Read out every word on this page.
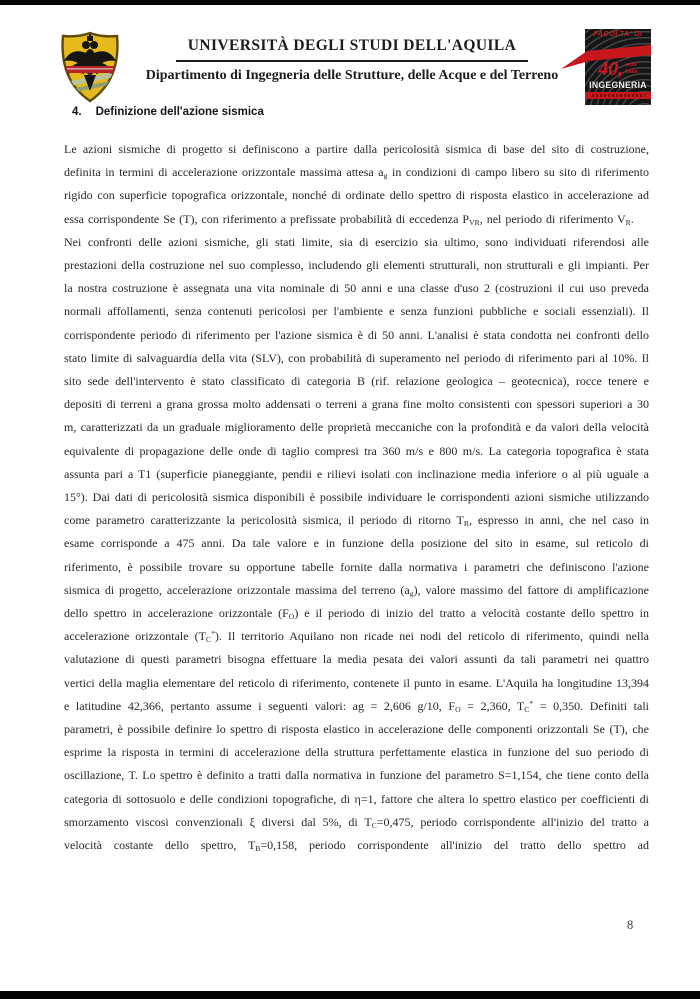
UNIVERSITÀ DEGLI STUDI DELL'AQUILA
Dipartimento di Ingegneria delle Strutture, delle Acque e del Terreno
FACOLTA' DI
40, anni
Italia
INGEGNERIA
4. Definizione dell'azione sismica

Le azioni sismiche di progetto si definiscono a partire dalla pericolosità sismica di base del sito di costruzione, definita in termini di accelerazione orizzontale massima attesa $a_g$ in condizioni di campo libero su sito di riferimento rigido con superficie topografica orizzontale, nonché di ordinate dello spettro di risposta elastico in accelerazione ad essa corrispondente Se (T), con riferimento a prefissate probabilità di eccedenza $P_{VR}$, nel periodo di riferimento $V_R$.

Nei confronti delle azioni sismiche, gli stati limite, sia di esercizio sia ultimo, sono individuati riferendosi alle prestazioni della costruzione nel suo complesso, includendo gli elementi strutturali, non strutturali e gli impianti. Per la nostra costruzione è assegnata una vita nominale di 50 anni e una classe d'uso 2 (costruzioni il cui uso preveda normali affollamenti, senza contenuti pericolosi per l'ambiente e senza funzioni pubbliche e sociali essenziali). Il corrispondente periodo di riferimento per l'azione sismica è di 50 anni. L'analisi è stata condotta nei confronti dello stato limite di salvaguardia della vita (SLV), con probabilità di superamento nel periodo di riferimento pari al 10%. Il sito sede dell'intervento è stato classificato di categoria B (rif. relazione geologica – geotecnica), rocce tenere e depositi di terreni a grana grossa molto addensati o terreni a grana fine molto consistenti con spessori superiori a 30 m, caratterizzati da un graduale miglioramento delle proprietà meccaniche con la profondità e da valori della velocità equivalente di propagazione delle onde di taglio compresi tra 360 m/s e 800 m/s. La categoria topografica è stata assunta pari a T1 (superficie pianeggiante, pendii e rilievi isolati con inclinazione media inferiore o al più uguale a 15°). Dai dati di pericolosità sismica disponibili è possibile individuare le corrispondenti azioni sismiche utilizzando come parametro caratterizzante la pericolosità sismica, il periodo di ritorno $T_R$, espresso in anni, che nel caso in esame corrisponde a 475 anni. Da tale valore e in funzione della posizione del sito in esame, sul reticolo di riferimento, è possibile trovare su opportune tabelle fornite dalla normativa i parametri che definiscono l'azione sismica di progetto, accelerazione orizzontale massima del terreno $(a_g)$, valore massimo del fattore di amplificazione dello spettro in accelerazione orizzontale $(F_O)$ e il periodo di inizio del tratto a velocità costante dello spettro in accelerazione orizzontale $(T_C^*)$. Il territorio Aquilano non ricade nei nodi del reticolo di riferimento, quindi nella valutazione di questi parametri bisogna effettuare la media pesata dei valori assunti da tali parametri nei quattro vertici della maglia elementare del reticolo di riferimento, contenete il punto in esame. L'Aquila ha longitudine 13,394 e latitudine 42,366, pertanto assume i seguenti valori: ag = 2,606 g/10, $F_O = 2,360$, $T_C^* = 0,350$. Definiti tali parametri, è possibile definire lo spettro di risposta elastico in accelerazione delle componenti orizzontali Se (T), che esprime la risposta in termini di accelerazione della struttura perfettamente elastica in funzione del suo periodo di oscillazione, T. Lo spettro è definito a tratti dalla normativa in funzione del parametro S=1,154, che tiene conto della categoria di sottosuolo e delle condizioni topografiche, di η=1, fattore che altera lo spettro elastico per coefficienti di smorzamento viscosi convenzionali ξ diversi dal 5%, di $T_C=0,475$, periodo corrispondente all'inizio del tratto a velocità costante dello spettro, $T_B=0,158$, periodo corrispondente all'inizio del tratto dello spettro ad

8
